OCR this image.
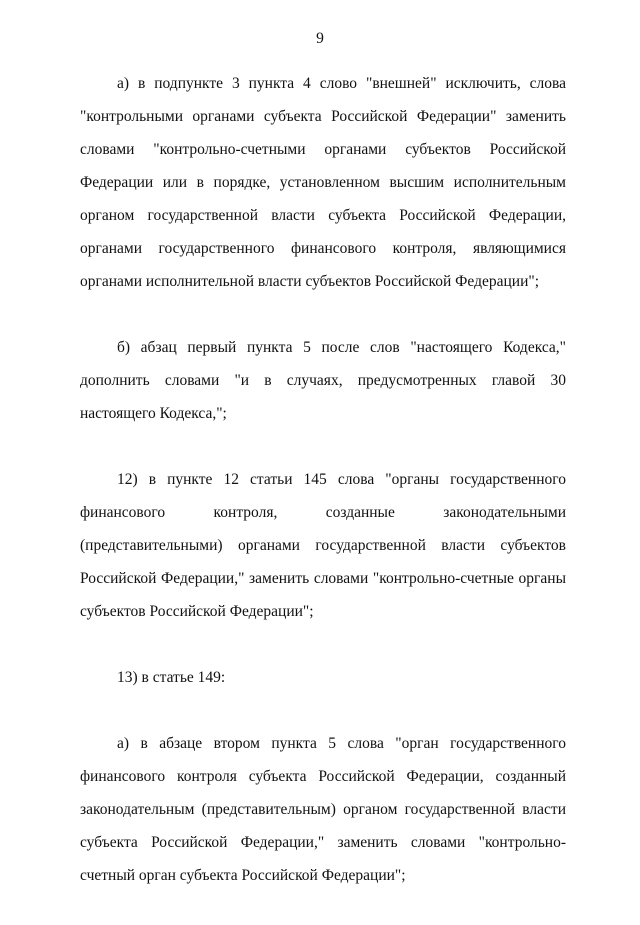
9

а) в подпункте 3 пункта 4 слово "внешней" исключить, слова "контрольными органами субъекта Российской Федерации" заменить словами "контрольно-счетными органами субъектов Российской Федерации или в порядке, установленном высшим исполнительным органом государственной власти субъекта Российской Федерации, органами государственного финансового контроля, являющимися органами исполнительной власти субъектов Российской Федерации";

б) абзац первый пункта 5 после слов "настоящего Кодекса," дополнить словами "и в случаях, предусмотренных главой 30 настоящего Кодекса,";

12) в пункте 12 статьи 145 слова "органы государственного финансового контроля, созданные законодательными (представительными) органами государственной власти субъектов Российской Федерации," заменить словами "контрольно-счетные органы субъектов Российской Федерации";

13) в статье 149:

а) в абзаце втором пункта 5 слова "орган государственного финансового контроля субъекта Российской Федерации, созданный законодательным (представительным) органом государственной власти субъекта Российской Федерации," заменить словами "контрольно-счетный орган субъекта Российской Федерации";
